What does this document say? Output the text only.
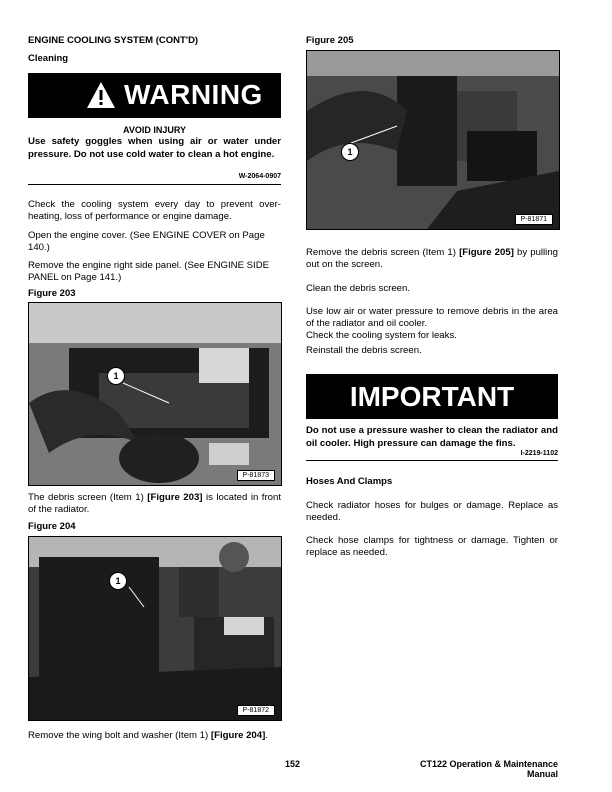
ENGINE COOLING SYSTEM (CONT'D)
Cleaning
WARNING
AVOID INJURY
Use safety goggles when using air or water under pressure. Do not use cold water to clean a hot engine.
W-2064-0907
Check the cooling system every day to prevent over-heating, loss of performance or engine damage.
Open the engine cover. (See ENGINE COVER on Page 140.)
Remove the engine right side panel. (See ENGINE SIDE PANEL on Page 141.)
Figure 203
1
P-81873
The debris screen (Item 1) [Figure 203] is located in front of the radiator.
Figure 204
1
P-81872
Remove the wing bolt and washer (Item 1) [Figure 204].
Figure 205
1
P-81871
Remove the debris screen (Item 1) [Figure 205] by pulling out on the screen.
Clean the debris screen.
Use low air or water pressure to remove debris in the area of the radiator and oil cooler.
Check the cooling system for leaks.
Reinstall the debris screen.
IMPORTANT
Do not use a pressure washer to clean the radiator and oil cooler. High pressure can damage the fins.
I-2219-1102
Hoses And Clamps
Check radiator hoses for bulges or damage. Replace as needed.
Check hose clamps for tightness or damage. Tighten or replace as needed.
152	CT122 Operation & Maintenance Manual
